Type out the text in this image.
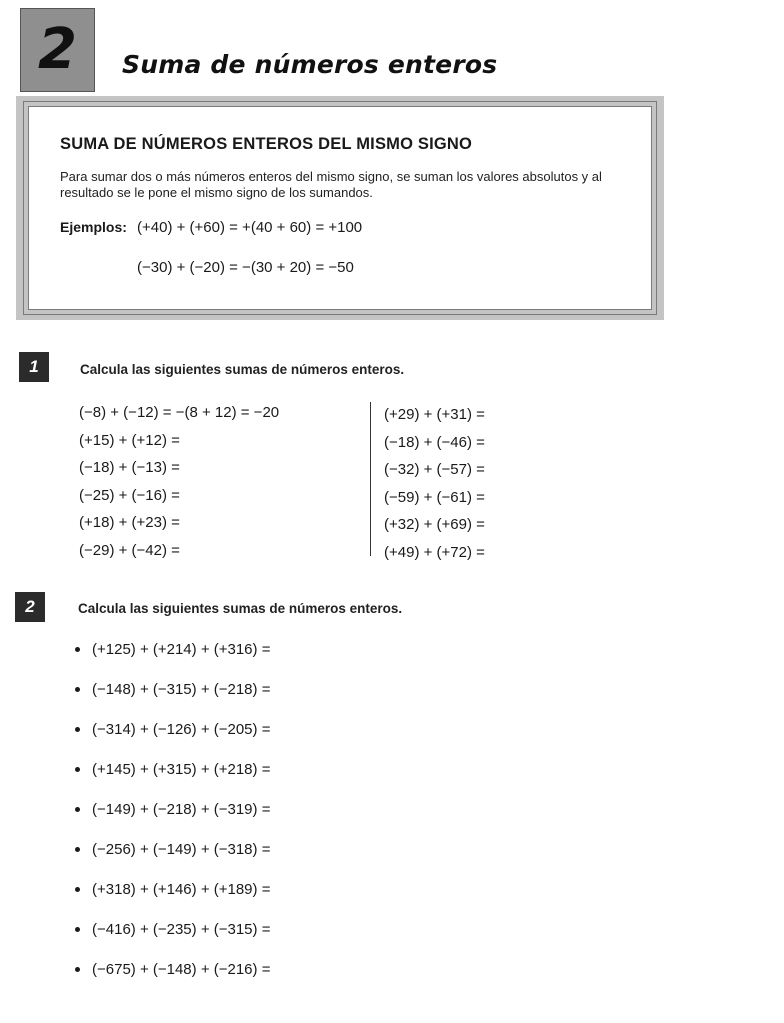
2 Suma de números enteros
SUMA DE NÚMEROS ENTEROS DEL MISMO SIGNO
Para sumar dos o más números enteros del mismo signo, se suman los valores absolutos y al resultado se le pone el mismo signo de los sumandos.
Ejemplos: (+40) + (+60) = +(40 + 60) = +100
(−30) + (−20) = −(30 + 20) = −50
1	Calcula las siguientes sumas de números enteros.
(−8) + (−12) = −(8 + 12) = −20
(+15) + (+12) =
(−18) + (−13) =
(−25) + (−16) =
(+18) + (+23) =
(−29) + (−42) =
(+29) + (+31) =
(−18) + (−46) =
(−32) + (−57) =
(−59) + (−61) =
(+32) + (+69) =
(+49) + (+72) =
2	Calcula las siguientes sumas de números enteros.
(+125) + (+214) + (+316) =
(−148) + (−315) + (−218) =
(−314) + (−126) + (−205) =
(+145) + (+315) + (+218) =
(−149) + (−218) + (−319) =
(−256) + (−149) + (−318) =
(+318) + (+146) + (+189) =
(−416) + (−235) + (−315) =
(−675) + (−148) + (−216) =
